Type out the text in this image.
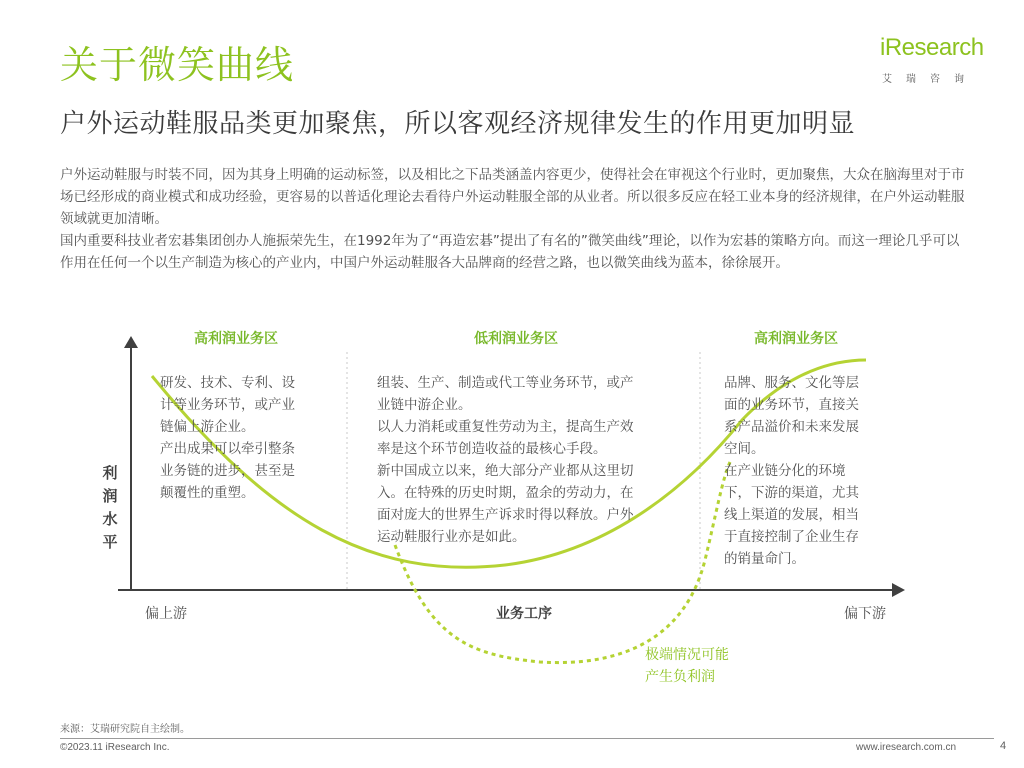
关于微笑曲线	iResearch
艾瑞咨询
户外运动鞋服品类更加聚焦，所以客观经济规律发生的作用更加明显

户外运动鞋服与时装不同，因为其身上明确的运动标签，以及相比之下品类涵盖内容更少，使得社会在审视这个行业时，更加聚焦，大众在脑海里对于市场已经形成的商业模式和成功经验，更容易的以普适化理论去看待户外运动鞋服全部的从业者。所以很多反应在轻工业本身的经济规律，在户外运动鞋服领域就更加清晰。

国内重要科技业者宏碁集团创办人施振荣先生，在1992年为了“再造宏碁”提出了有名的”微笑曲线”理论，以作为宏碁的策略方向。而这一理论几乎可以作用在任何一个以生产制造为核心的产业内，中国户外运动鞋服各大品牌商的经营之路，也以微笑曲线为蓝本，徐徐展开。

高利润业务区	低利润业务区	高利润业务区

研发、技术、专利、设

计等业务环节，或产业

链偏上游企业。

产出成果可以牵引整条

业务链的进步，甚至是

颠覆性的重塑。

组装、生产、制造或代工等业务环节，或产

业链中游企业。

以人力消耗或重复性劳动为主，提高生产效

率是这个环节创造收益的最核心手段。

新中国成立以来，绝大部分产业都从这里切

入。在特殊的历史时期，盈余的劳动力，在

面对庞大的世界生产诉求时得以释放。户外

运动鞋服行业亦是如此。

品牌、服务、文化等层

面的业务环节，直接关

系产品溢价和未来发展

空间。

在产业链分化的环境

下，下游的渠道，尤其

线上渠道的发展，相当

于直接控制了企业生存

的销量命门。

利润水平
偏上游	业务工序	偏下游
极端情况可能
产生负利润
来源：艾瑞研究院自主绘制。
©2023.11 iResearch Inc.	www.iresearch.com.cn	4
